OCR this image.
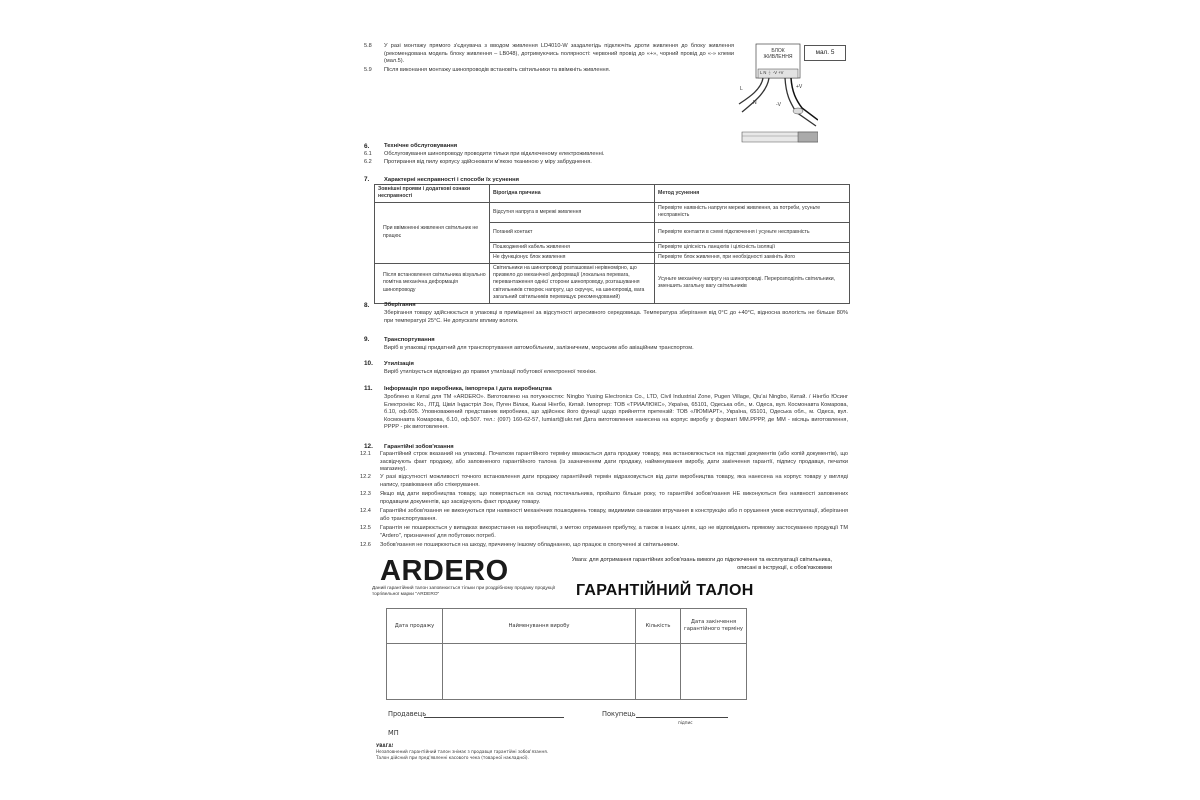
5.8 У разі монтажу прямого з'єднувача з вводом живлення LD4010-W заздалегідь підключіть дроти живлення до блоку живлення (рекомендована модель блоку живлення – LB048), дотримуючись полярності: червоний провід до «+», чорний провід до «-» клеми (мал.5).
5.9 Після виконання монтажу шинопроводів встановіть світильники та ввімкніть живлення.
мал. 5
БЛОК ЖИВЛЕННЯ
L N ⏚ -V +V
L
N	-V
+V
6.	Технічне обслуговування
6.1 Обслуговування шинопроводу проводити тільки при відключеному електроживленні.
6.2 Протирання від пилу корпусу здійснювати м'якою тканиною у міру забруднення.
7.	Характерні несправності і способи їх усунення
Зовнішні прояви і додаткові ознаки несправності	Вірогідна причина	Метод усунення
При ввімкненні живлення світильник не працює	Відсутня напруга в мережі живлення	Перевірте наявність напруги мережі живлення, за потреби, усуньте несправність
	Поганий контакт	Перевірте контакти в схемі підключення і усуньте несправність
	Пошкоджений кабель живлення	Перевірте цілісність ланцюгів і цілісність ізоляції
	Не функціонує блок живлення	Перевірте блок живлення, при необхідності замініть його
Після встановлення світильника візуально помітна механічна деформація шинопроводу	Світильники на шинопроводі розташовані нерівномірно, що призвело до механічної деформації (локальна перевага, перевантаження однієї сторони шинопроводу, розташування світильників створює напругу, що скручує, на шинопровід, вага загальний світильників перевищує рекомендований)	Усуньте механічну напругу на шинопроводі. Перерозподіліть світильники, зменшить загальну вагу світильників
8.	Зберігання
Зберігання товару здійснюється в упаковці в приміщенні за відсутності агресивного середовища. Температура зберігання від 0°C до +40°C, відносна вологість не більше 80% при температурі 25°C. Не допускати впливу вологи.
9.	Транспортування
Виріб в упаковці придатний для транспортування автомобільним, залізничним, морським або авіаційним транспортом.
10. Утилізація
Виріб утилізується відповідно до правил утилізації побутової електронної техніки.
11. Інформація про виробника, імпортера і дата виробництва
Зроблено в Китаї для ТМ «ARDERO». Виготовлено на потужностях: Ningbo Yusing Electronics Co., LTD, Civil Industrial Zone, Pugen Village, Qiu'ai Ningbo, Китай. / Нінгбо Юсинг Електронікс Ко., ЛТД, Цівіл Індастріл Зон, Пуген Вілаж, Кьюаі Нінгбо, Китай. Імпортер: ТОВ «ТРИАЛЮКС», Україна, 65101, Одеська обл., м. Одеса, вул. Космонавта Комарова, б.10, оф.605. Уповноважений представник виробника, що здійснює його функції щодо прийняття претензій: ТОВ «ЛЮМІАРТ», Україна, 65101, Одеська обл., м. Одеса, вул. Космонавта Комарова, б.10, оф.507. тел.: (097) 160-62-57, lumiart@ukr.net Дата виготовлення нанесена на корпус виробу у форматі ММ.РРРР, де ММ - місяць виготовлення, РРРР - рік виготовлення.
12. Гарантійні зобов'язання
12.1 Гарантійний строк вказаний на упаковці. Початком гарантійного терміну вважається дата продажу товару, яка встановлюється на підставі документів (або копій документів), що засвідчують факт продажу, або заповненого гарантійного талона (із зазначенням дати продажу, найменування виробу, дати закінчення гарантії, підпису продавця, печатки магазину).
12.2 У разі відсутності можливості точного встановлення дати продажу гарантійний термін відраховується від дати виробництва товару, яка нанесена на корпус товару у вигляді напису, гравіювання або стікерування.
12.3 Якщо від дати виробництва товару, що повертається на склад постачальника, пройшло більше року, то гарантійні зобов'язання НЕ виконуються без наявності заповнених продавцем документів, що засвідчують факт продажу товару.
12.4 Гарантійні зобов'язання не виконуються при наявності механічних пошкоджень товару, видимими ознаками втручання в конструкцію або п орушення умов експлуатації, зберігання або транспортування.
12.5 Гарантія не поширюється у випадках використання на виробництві, з метою отримання прибутку, а також в інших цілях, що не відповідають прямому застосуванню продукції ТМ "Ardero", призначеної для побутових потреб.
12.6 Зобов'язання не поширюються на шкоду, причинену іншому обладнанню, що працює в сполученні зі світильником.
ARDERO
Даний гарантійний талон заповнюється тільки при роздрібному продажу продукції торгівельної марки "ARDERO"
Увага: для дотримання гарантійних зобов'язань вимоги до підключення та експлуатації світильника, описані в інструкції, є обов'язковими
ГАРАНТІЙНИЙ ТАЛОН
Дата продажу	Найменування виробу	Кількість	Дата закінчення гарантійного терміну

Продавець	Покупець
підпис
МП
УВАГА!
Незаповнений гарантійний талон знімає з продавця гарантійні зобов'язання.
Талон дійсний при пред'явленні касового чека (товарної накладної).
